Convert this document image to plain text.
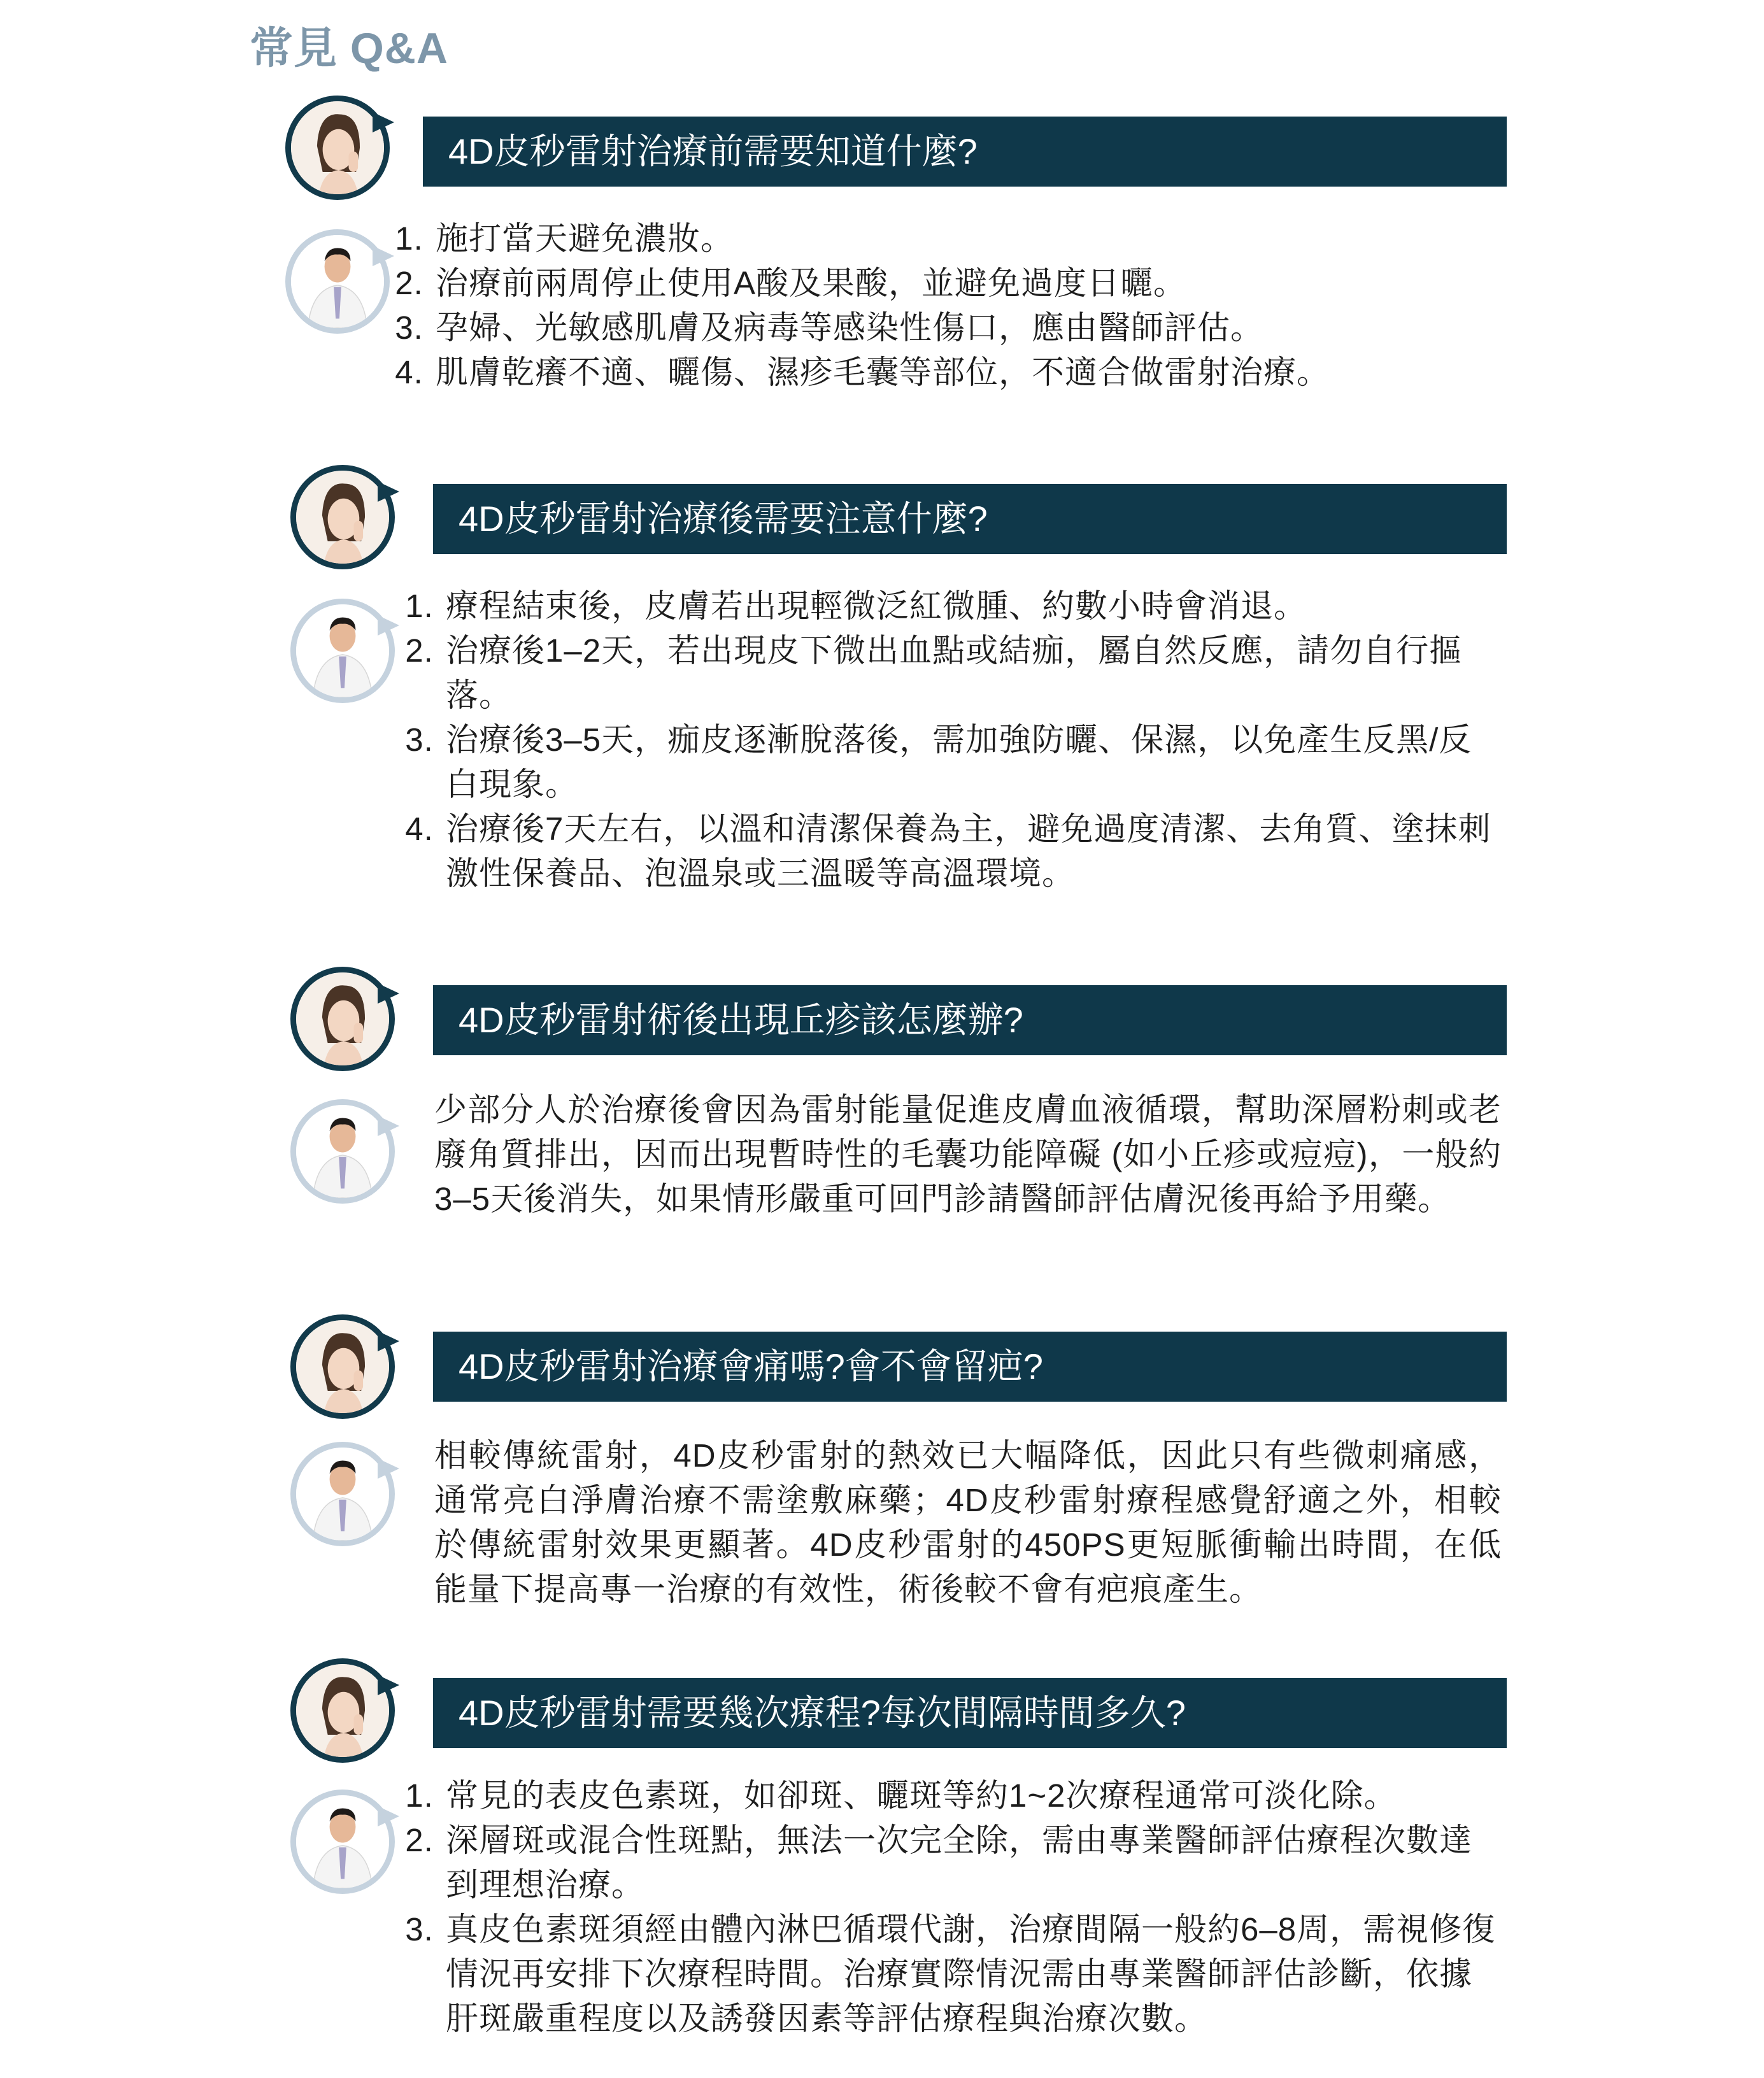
常見 Q&A
4D皮秒雷射治療前需要知道什麼?
1. 施打當天避免濃妝。
2. 治療前兩周停止使用A酸及果酸，並避免過度日曬。
3. 孕婦、光敏感肌膚及病毒等感染性傷口，應由醫師評估。
4. 肌膚乾癢不適、曬傷、濕疹毛囊等部位，不適合做雷射治療。
4D皮秒雷射治療後需要注意什麼?
1. 療程結束後，皮膚若出現輕微泛紅微腫、約數小時會消退。
2. 治療後1–2天，若出現皮下微出血點或結痂，屬自然反應，請勿自行摳落。
3. 治療後3–5天，痂皮逐漸脫落後，需加強防曬、保濕，以免產生反黑/反白現象。
4. 治療後7天左右，以溫和清潔保養為主，避免過度清潔、去角質、塗抹刺激性保養品、泡溫泉或三溫暖等高溫環境。
4D皮秒雷射術後出現丘疹該怎麼辦?

少部分人於治療後會因為雷射能量促進皮膚血液循環，幫助深層粉刺或老廢角質排出，因而出現暫時性的毛囊功能障礙 (如小丘疹或痘痘)，一般約3–5天後消失，如果情形嚴重可回門診請醫師評估膚況後再給予用藥。

4D皮秒雷射治療會痛嗎?會不會留疤?

相較傳統雷射，4D皮秒雷射的熱效已大幅降低，因此只有些微刺痛感，通常亮白淨膚治療不需塗敷麻藥；4D皮秒雷射療程感覺舒適之外，相較於傳統雷射效果更顯著。4D皮秒雷射的450PS更短脈衝輸出時間，在低能量下提高專一治療的有效性，術後較不會有疤痕產生。

4D皮秒雷射需要幾次療程?每次間隔時間多久?
1. 常見的表皮色素斑，如卻斑、曬斑等約1~2次療程通常可淡化除。
2. 深層斑或混合性斑點，無法一次完全除，需由專業醫師評估療程次數達到理想治療。
3. 真皮色素斑須經由體內淋巴循環代謝，治療間隔一般約6–8周，需視修復情況再安排下次療程時間。治療實際情況需由專業醫師評估診斷，依據肝斑嚴重程度以及誘發因素等評估療程與治療次數。
